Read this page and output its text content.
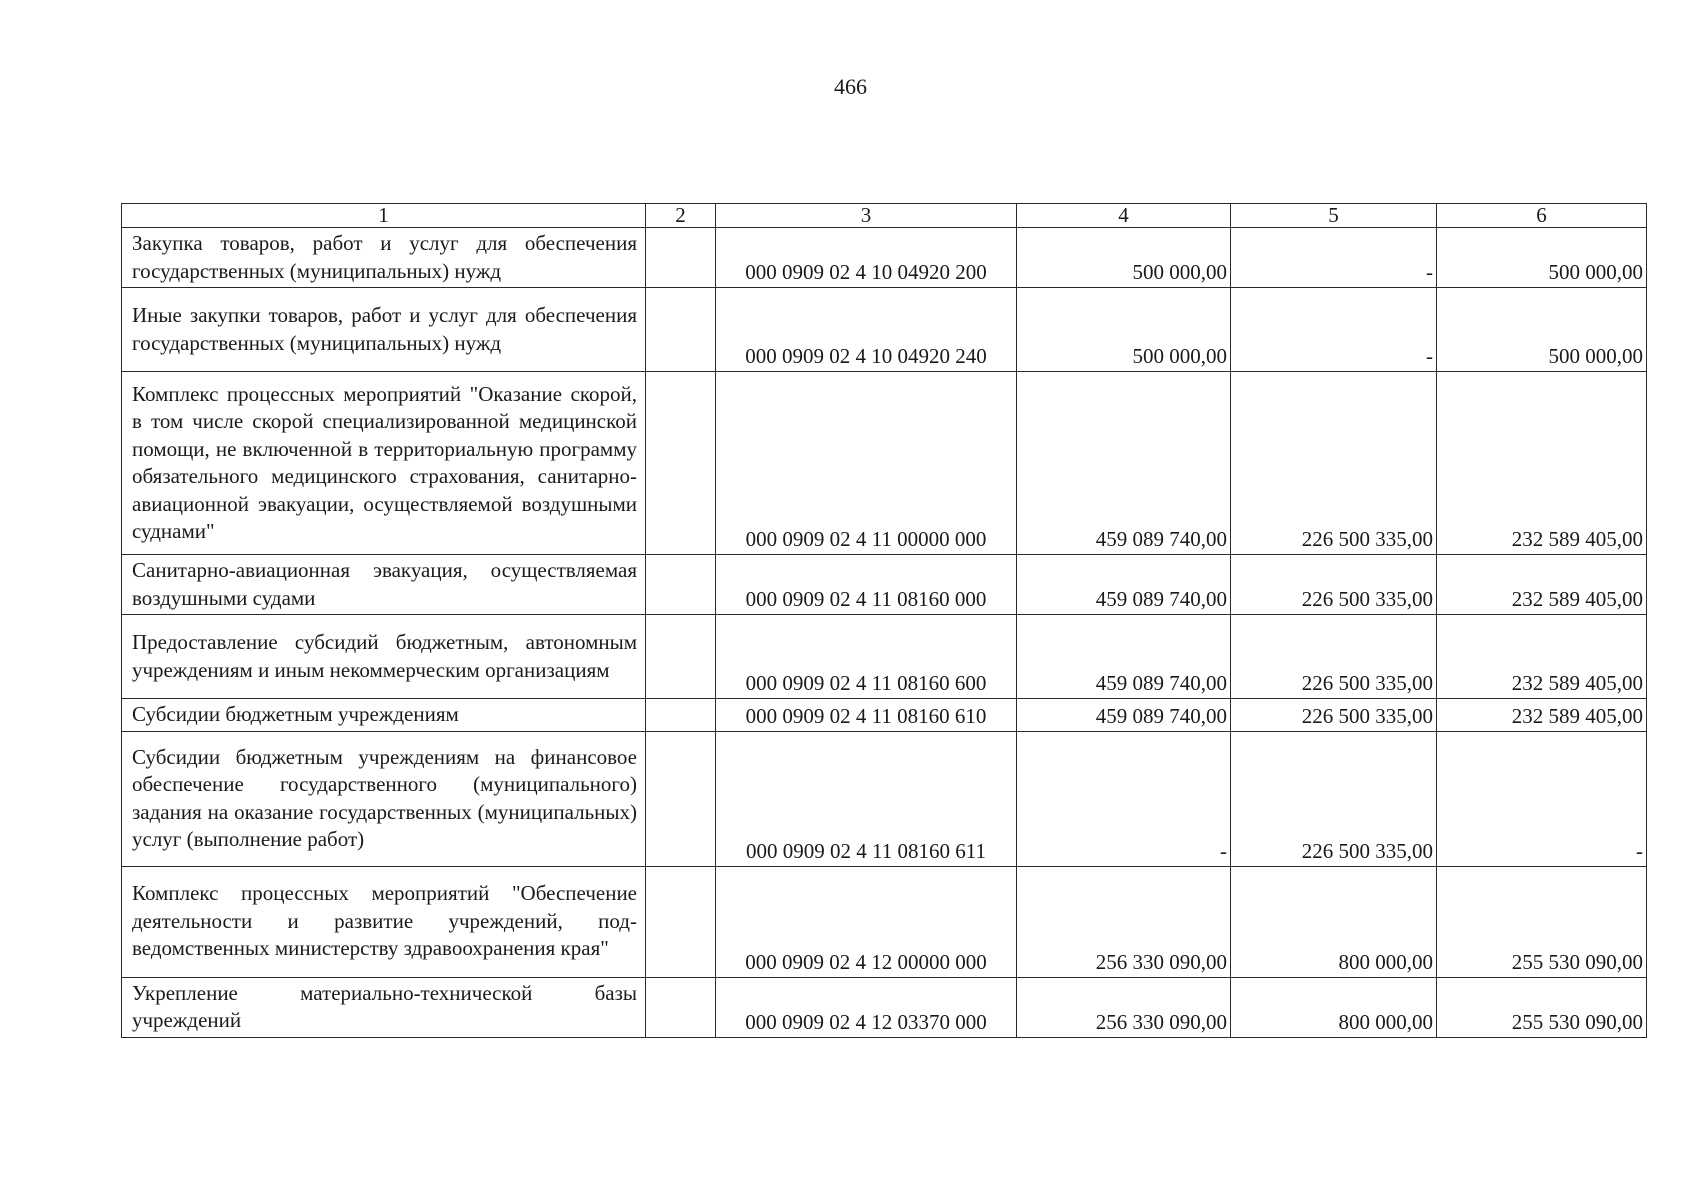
466
1	2	3	4	5	6
Закупка товаров, работ и услуг для обеспечения государственных (муниципальных) нужд		000 0909 02 4 10 04920 200	500 000,00	-	500 000,00
Иные закупки товаров, работ и услуг для обеспечения государственных (муниципальных) нужд		000 0909 02 4 10 04920 240	500 000,00	-	500 000,00
Комплекс процессных мероприятий "Оказание скорой, в том числе скорой специализированной медицинской помощи, не включенной в территориальную программу обязательного медицинского страхования, санитарно-авиационной эвакуации, осуществляемой воздушными суднами"		000 0909 02 4 11 00000 000	459 089 740,00	226 500 335,00	232 589 405,00
Санитарно-авиационная эвакуация, осуществляемая воздушными судами		000 0909 02 4 11 08160 000	459 089 740,00	226 500 335,00	232 589 405,00
Предоставление субсидий бюджетным, автономным учреждениям и иным некоммерческим организациям		000 0909 02 4 11 08160 600	459 089 740,00	226 500 335,00	232 589 405,00
Субсидии бюджетным учреждениям		000 0909 02 4 11 08160 610	459 089 740,00	226 500 335,00	232 589 405,00
Субсидии бюджетным учреждениям на финансовое обеспечение государственного (муниципального) задания на оказание государственных (муниципальных) услуг (выполнение работ)		000 0909 02 4 11 08160 611	-	226 500 335,00	-
Комплекс процессных мероприятий "Обеспечение деятельности и развитие учреждений, подведомственных министерству здравоохранения края"		000 0909 02 4 12 00000 000	256 330 090,00	800 000,00	255 530 090,00
Укрепление материально-технической базы учреждений		000 0909 02 4 12 03370 000	256 330 090,00	800 000,00	255 530 090,00
